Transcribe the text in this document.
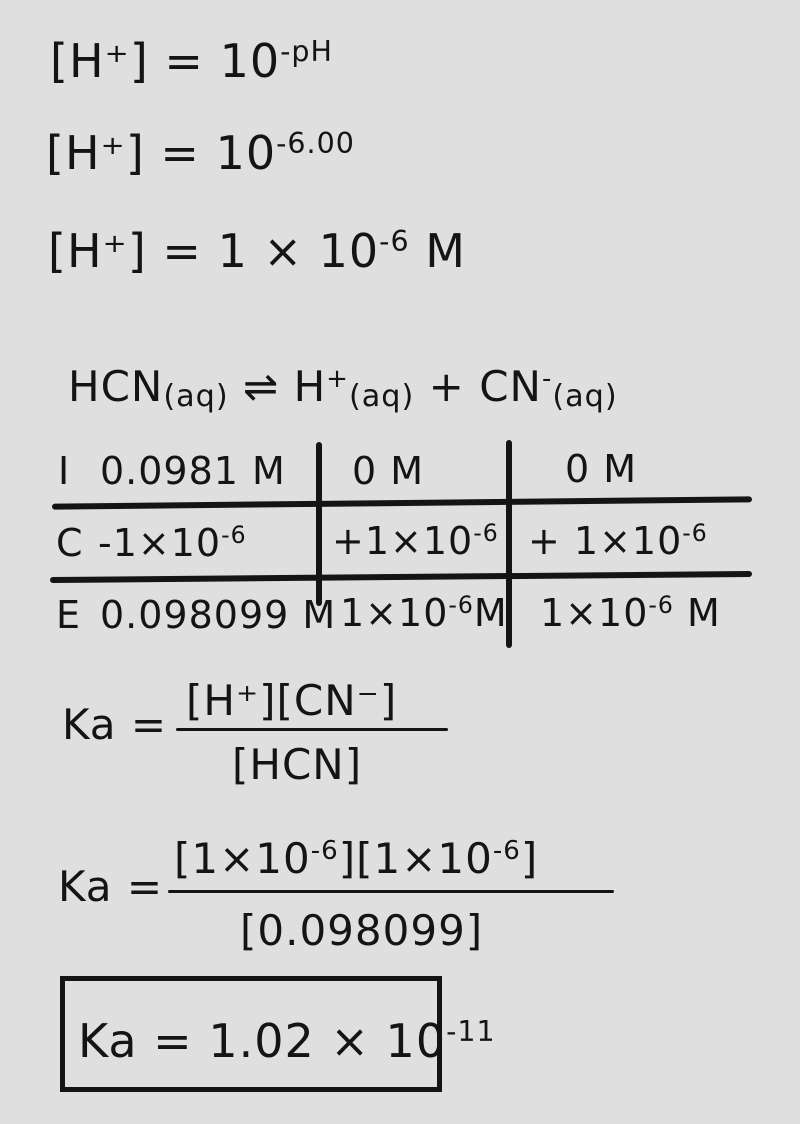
$[H^+] = 10^{-pH}$
$[H^+] = 10^{-6.00}$
$[H^+] = 1 \times 10^{-6}$ M
HCN(aq) ⇌ H+(aq) + CN-(aq)
I 0.0981 M 0 M	0 M
C $-1\times 10^{-6} +1\times 10^{-6} + 1\times 10^{-6}$
E 0.098099 M $1\times 10^{-6}M$ $1\times 10^{-6}$ M
Ka = [H⁺][CN⁻]
[HCN]
Ka =
$[1\times 10^{-6}][1\times 10^{-6}]$
[0.098099]
$Ka = 1.02 \times 10^{-11}$
